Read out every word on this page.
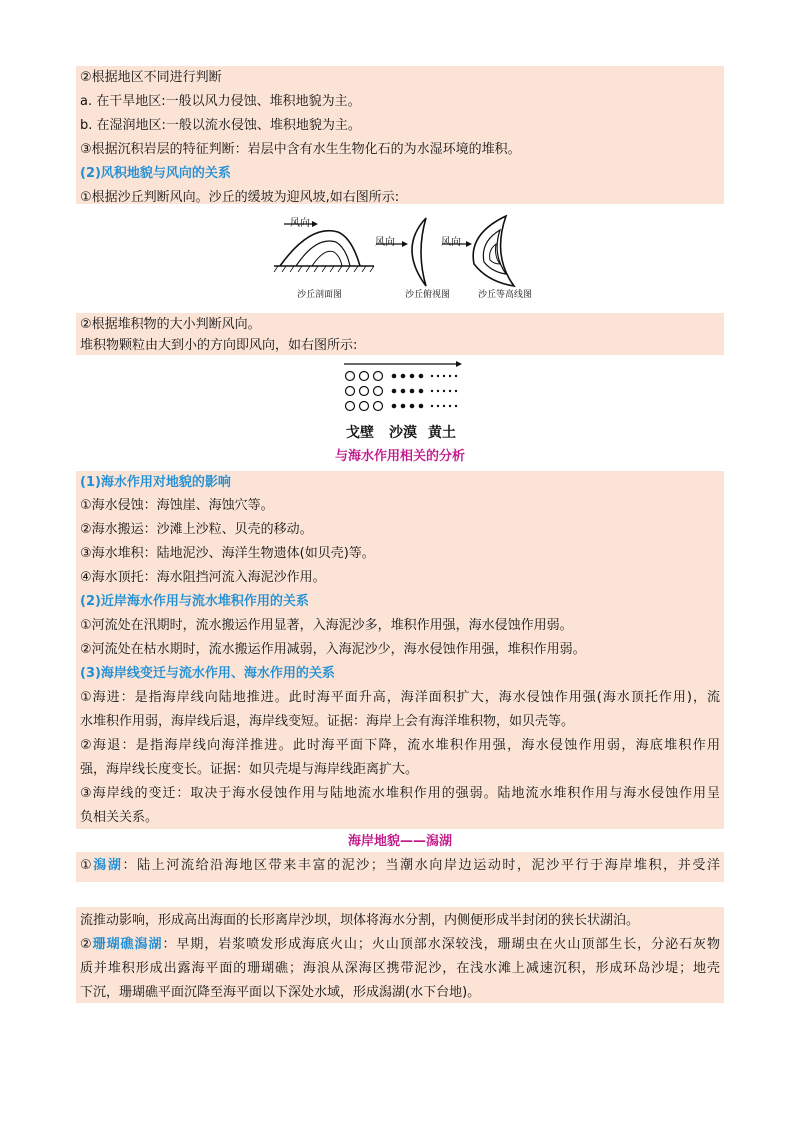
②根据地区不同进行判断
a. 在干旱地区:一般以风力侵蚀、堆积地貌为主。
b. 在湿润地区:一般以流水侵蚀、堆积地貌为主。
③根据沉积岩层的特征判断：岩层中含有水生生物化石的为水湿环境的堆积。
(2)风积地貌与风向的关系
①根据沙丘判断风向。沙丘的缓坡为迎风坡,如右图所示:
风向
风向	风向
沙丘剖面图	沙丘俯视图	沙丘等高线图
②根据堆积物的大小判断风向。
堆积物颗粒由大到小的方向即风向，如右图所示:
戈壁 沙漠 黄土
与海水作用相关的分析
(1)海水作用对地貌的影响
①海水侵蚀：海蚀崖、海蚀穴等。
②海水搬运：沙滩上沙粒、贝壳的移动。
③海水堆积：陆地泥沙、海洋生物遗体(如贝壳)等。
④海水顶托：海水阻挡河流入海泥沙作用。
(2)近岸海水作用与流水堆积作用的关系
①河流处在汛期时，流水搬运作用显著，入海泥沙多，堆积作用强，海水侵蚀作用弱。
②河流处在枯水期时，流水搬运作用减弱，入海泥沙少，海水侵蚀作用强，堆积作用弱。
(3)海岸线变迁与流水作用、海水作用的关系
①海进：是指海岸线向陆地推进。此时海平面升高，海洋面积扩大，海水侵蚀作用强(海水顶托作用)，流
水堆积作用弱，海岸线后退，海岸线变短。证据：海岸上会有海洋堆积物，如贝壳等。
②海退：是指海岸线向海洋推进。此时海平面下降，流水堆积作用强，海水侵蚀作用弱，海底堆积作用
强，海岸线长度变长。证据：如贝壳堤与海岸线距离扩大。
③海岸线的变迁：取决于海水侵蚀作用与陆地流水堆积作用的强弱。陆地流水堆积作用与海水侵蚀作用呈
负相关关系。
海岸地貌——潟湖
①潟湖：陆上河流给沿海地区带来丰富的泥沙；当潮水向岸边运动时，泥沙平行于海岸堆积，并受洋
流推动影响，形成高出海面的长形离岸沙坝，坝体将海水分割，内侧便形成半封闭的狭长状湖泊。
②珊瑚礁潟湖：早期，岩浆喷发形成海底火山；火山顶部水深较浅，珊瑚虫在火山顶部生长，分泌石灰物
质并堆积形成出露海平面的珊瑚礁；海浪从深海区携带泥沙，在浅水滩上减速沉积，形成环岛沙堤；地壳
下沉，珊瑚礁平面沉降至海平面以下深处水域，形成潟湖(水下台地)。
